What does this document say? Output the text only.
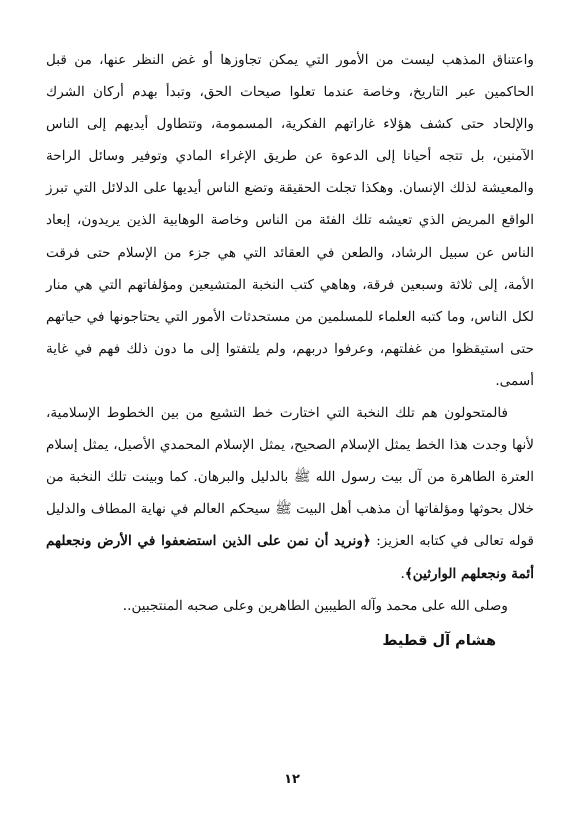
واعتناق المذهب ليست من الأمور التي يمكن تجاوزها أو غض النظر عنها، من قبل الحاكمين عبر التاريخ، وخاصة عندما تعلوا صيحات الحق، وتبدأ بهدم أركان الشرك والإلحاد حتى كشف هؤلاء غاراتهم الفكرية، المسمومة، وتتطاول أيديهم إلى الناس الآمنين، بل تتجه أحيانا إلى الدعوة عن طريق الإغراء المادي وتوفير وسائل الراحة والمعيشة لذلك الإنسان. وهكذا تجلت الحقيقة وتضع الناس أيديها على الدلائل التي تبرز الواقع المريض الذي تعيشه تلك الفئة من الناس وخاصة الوهابية الذين يريدون، إبعاد الناس عن سبيل الرشاد، والطعن في العقائد التي هي جزء من الإسلام حتى فرقت الأمة، إلى ثلاثة وسبعين فرقة، وهاهي كتب النخبة المتشيعين ومؤلفاتهم التي هي منار لكل الناس، وما كتبه العلماء للمسلمين من مستحدثات الأمور التي يحتاجونها في حياتهم حتى استيقظوا من غفلتهم، وعرفوا دربهم، ولم يلتفتوا إلى ما دون ذلك فهم في غاية أسمى.

فالمتحولون هم تلك النخبة التي اختارت خط التشيع من بين الخطوط الإسلامية، لأنها وجدت هذا الخط يمثل الإسلام الصحيح، يمثل الإسلام المحمدي الأصيل، يمثل إسلام العترة الطاهرة من آل بيت رسول الله ﷺ بالدليل والبرهان. كما وبينت تلك النخبة من خلال بحوثها ومؤلفاتها أن مذهب أهل البيت ﷺ سيحكم العالم في نهاية المطاف والدليل قوله تعالى في كتابه العزيز: ﴿ونريد أن نمن على الذين استضعفوا في الأرض ونجعلهم أئمة ونجعلهم الوارثين﴾.

وصلى الله على محمد وآله الطيبين الطاهرين وعلى صحبه المنتجبين..

هشام آل قطيط
١٢
